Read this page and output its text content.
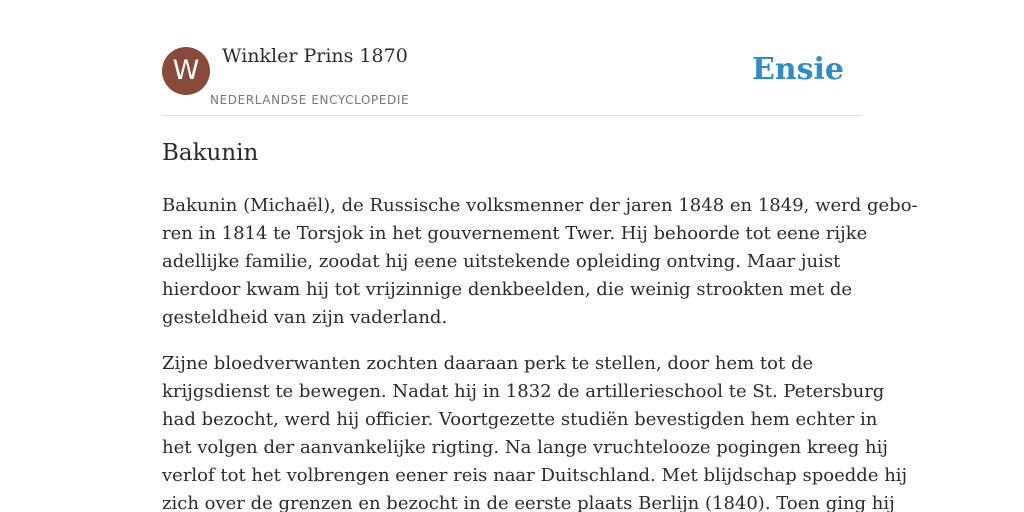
W	Winkler Prins 1870
NEDERLANDSE ENCYCLOPEDIE
Ensie
Bakunin

Bakunin (Michaël), de Russische volksmenner der jaren 1848 en 1849, werd gebo-
ren in 1814 te Torsjok in het gouvernement Twer. Hij behoorde tot eene rijke
adellijke familie, zoodat hij eene uitstekende opleiding ontving. Maar juist
hierdoor kwam hij tot vrijzinnige denkbeelden, die weinig strookten met de
gesteldheid van zijn vaderland.

Zijne bloedverwanten zochten daaraan perk te stellen, door hem tot de
krijgsdienst te bewegen. Nadat hij in 1832 de artillerieschool te St. Petersburg
had bezocht, werd hij officier. Voortgezette studiën bevestigden hem echter in
het volgen der aanvankelijke rigting. Na lange vruchtelooze pogingen kreeg hij
verlof tot het volbrengen eener reis naar Duitschland. Met blijdschap spoedde hij
zich over de grenzen en bezocht in de eerste plaats Berlijn (1840). Toen ging hij
